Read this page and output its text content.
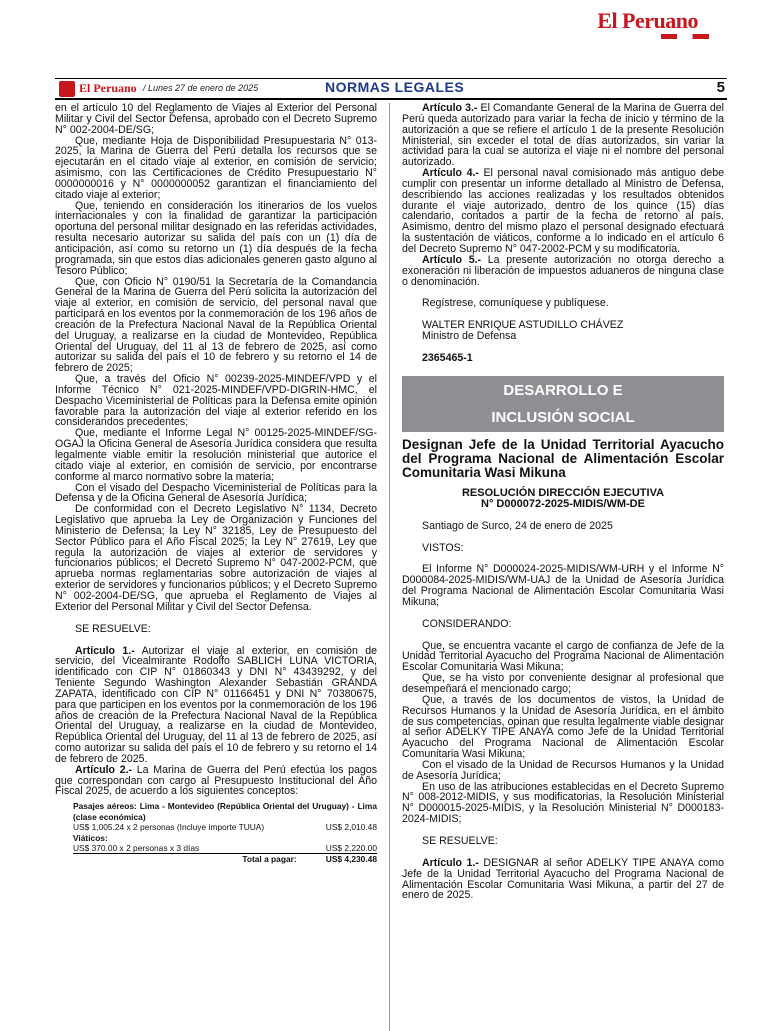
El Peruano
El Peruano / Lunes 27 de enero de 2025	NORMAS LEGALES	5

en el artículo 10 del Reglamento de Viajes al Exterior del Personal Militar y Civil del Sector Defensa, aprobado con el Decreto Supremo N° 002-2004-DE/SG;

Que, mediante Hoja de Disponibilidad Presupuestaria N° 013-2025, la Marina de Guerra del Perú detalla los recursos que se ejecutarán en el citado viaje al exterior, en comisión de servicio; asimismo, con las Certificaciones de Crédito Presupuestario N° 0000000016 y N° 0000000052 garantizan el financiamiento del citado viaje al exterior;

Que, teniendo en consideración los itinerarios de los vuelos internacionales y con la finalidad de garantizar la participación oportuna del personal militar designado en las referidas actividades, resulta necesario autorizar su salida del país con un (1) día de anticipación, así como su retorno un (1) día después de la fecha programada, sin que estos días adicionales generen gasto alguno al Tesoro Público;

Que, con Oficio N° 0190/51 la Secretaría de la Comandancia General de la Marina de Guerra del Perú solicita la autorización del viaje al exterior, en comisión de servicio, del personal naval que participará en los eventos por la conmemoración de los 196 años de creación de la Prefectura Nacional Naval de la República Oriental del Uruguay, a realizarse en la ciudad de Montevideo, República Oriental del Uruguay, del 11 al 13 de febrero de 2025, así como autorizar su salida del país el 10 de febrero y su retorno el 14 de febrero de 2025;

Que, a través del Oficio N° 00239-2025-MINDEF/VPD y el Informe Técnico N° 021-2025-MINDEF/VPD-DIGRIN-HMC, el Despacho Viceministerial de Políticas para la Defensa emite opinión favorable para la autorización del viaje al exterior referido en los considerandos precedentes;

Que, mediante el Informe Legal N° 00125-2025-MINDEF/SG-OGAJ la Oficina General de Asesoría Jurídica considera que resulta legalmente viable emitir la resolución ministerial que autorice el citado viaje al exterior, en comisión de servicio, por encontrarse conforme al marco normativo sobre la materia;

Con el visado del Despacho Viceministerial de Políticas para la Defensa y de la Oficina General de Asesoría Jurídica;

De conformidad con el Decreto Legislativo N° 1134, Decreto Legislativo que aprueba la Ley de Organización y Funciones del Ministerio de Defensa; la Ley N° 32185, Ley de Presupuesto del Sector Público para el Año Fiscal 2025; la Ley N° 27619, Ley que regula la autorización de viajes al exterior de servidores y funcionarios públicos; el Decreto Supremo N° 047-2002-PCM, que aprueba normas reglamentarias sobre autorización de viajes al exterior de servidores y funcionarios públicos; y el Decreto Supremo N° 002-2004-DE/SG, que aprueba el Reglamento de Viajes al Exterior del Personal Militar y Civil del Sector Defensa.

SE RESUELVE:

Artículo 1.- Autorizar el viaje al exterior, en comisión de servicio, del Vicealmirante Rodolfo SABLICH LUNA VICTORIA, identificado con CIP N° 01860343 y DNI N° 43439292, y del Teniente Segundo Washington Alexander Sebastián GRANDA ZAPATA, identificado con CIP N° 01166451 y DNI N° 70380675, para que participen en los eventos por la conmemoración de los 196 años de creación de la Prefectura Nacional Naval de la República Oriental del Uruguay, a realizarse en la ciudad de Montevideo, República Oriental del Uruguay, del 11 al 13 de febrero de 2025, así como autorizar su salida del país el 10 de febrero y su retorno el 14 de febrero de 2025.

Artículo 2.- La Marina de Guerra del Perú efectúa los pagos que correspondan con cargo al Presupuesto Institucional del Año Fiscal 2025, de acuerdo a los siguientes conceptos:

Pasajes aéreos: Lima - Montevideo (República Oriental del Uruguay) - Lima (clase económica)	
US$ 1,005.24 x 2 personas (Incluye importe TUUA)	US$ 2,010.48
Viáticos:	
US$ 370.00 x 2 personas x 3 días	US$ 2,220.00
Total a pagar:	US$ 4,230.48

Artículo 3.- El Comandante General de la Marina de Guerra del Perú queda autorizado para variar la fecha de inicio y término de la autorización a que se refiere el artículo 1 de la presente Resolución Ministerial, sin exceder el total de días autorizados, sin variar la actividad para la cual se autoriza el viaje ni el nombre del personal autorizado.

Artículo 4.- El personal naval comisionado más antiguo debe cumplir con presentar un informe detallado al Ministro de Defensa, describiendo las acciones realizadas y los resultados obtenidos durante el viaje autorizado, dentro de los quince (15) días calendario, contados a partir de la fecha de retorno al país. Asimismo, dentro del mismo plazo el personal designado efectuará la sustentación de viáticos, conforme a lo indicado en el artículo 6 del Decreto Supremo N° 047-2002-PCM y su modificatoria.

Artículo 5.- La presente autorización no otorga derecho a exoneración ni liberación de impuestos aduaneros de ninguna clase o denominación.

Regístrese, comuníquese y publíquese.

WALTER ENRIQUE ASTUDILLO CHÁVEZ

Ministro de Defensa

2365465-1

DESARROLLO E
INCLUSIÓN SOCIAL

Designan Jefe de la Unidad Territorial Ayacucho del Programa Nacional de Alimentación Escolar Comunitaria Wasi Mikuna

RESOLUCIÓN DIRECCIÓN EJECUTIVA

N° D000072-2025-MIDIS/WM-DE

Santiago de Surco, 24 de enero de 2025

VISTOS:

El Informe N° D000024-2025-MIDIS/WM-URH y el Informe N° D000084-2025-MIDIS/WM-UAJ de la Unidad de Asesoría Jurídica del Programa Nacional de Alimentación Escolar Comunitaria Wasi Mikuna;

CONSIDERANDO:

Que, se encuentra vacante el cargo de confianza de Jefe de la Unidad Territorial Ayacucho del Programa Nacional de Alimentación Escolar Comunitaria Wasi Mikuna;

Que, se ha visto por conveniente designar al profesional que desempeñará el mencionado cargo;

Que, a través de los documentos de vistos, la Unidad de Recursos Humanos y la Unidad de Asesoría Jurídica, en el ámbito de sus competencias, opinan que resulta legalmente viable designar al señor ADELKY TIPE ANAYA como Jefe de la Unidad Territorial Ayacucho del Programa Nacional de Alimentación Escolar Comunitaria Wasi Mikuna;

Con el visado de la Unidad de Recursos Humanos y la Unidad de Asesoría Jurídica;

En uso de las atribuciones establecidas en el Decreto Supremo N° 008-2012-MIDIS, y sus modificatorias, la Resolución Ministerial N° D000015-2025-MIDIS, y la Resolución Ministerial N° D000183-2024-MIDIS;

SE RESUELVE:

Artículo 1.- DESIGNAR al señor ADELKY TIPE ANAYA como Jefe de la Unidad Territorial Ayacucho del Programa Nacional de Alimentación Escolar Comunitaria Wasi Mikuna, a partir del 27 de enero de 2025.
